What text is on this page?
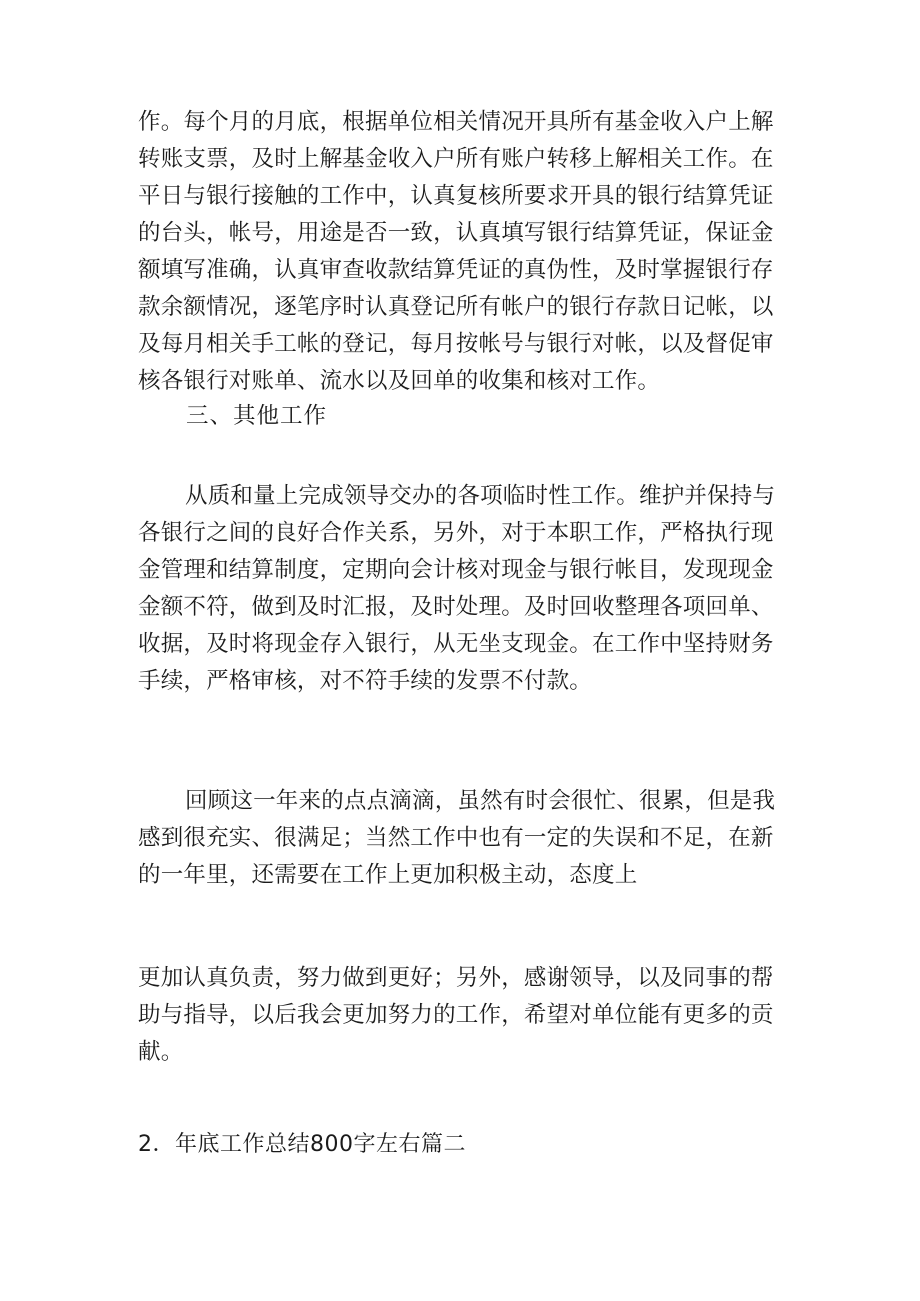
作。每个月的月底，根据单位相关情况开具所有基金收入户上解
转账支票，及时上解基金收入户所有账户转移上解相关工作。在
平日与银行接触的工作中，认真复核所要求开具的银行结算凭证
的台头，帐号，用途是否一致，认真填写银行结算凭证，保证金
额填写准确，认真审查收款结算凭证的真伪性，及时掌握银行存
款余额情况，逐笔序时认真登记所有帐户的银行存款日记帐，以
及每月相关手工帐的登记，每月按帐号与银行对帐，以及督促审
核各银行对账单、流水以及回单的收集和核对工作。
三、其他工作
从质和量上完成领导交办的各项临时性工作。维护并保持与
各银行之间的良好合作关系，另外，对于本职工作，严格执行现
金管理和结算制度，定期向会计核对现金与银行帐目，发现现金
金额不符，做到及时汇报，及时处理。及时回收整理各项回单、
收据，及时将现金存入银行，从无坐支现金。在工作中坚持财务
手续，严格审核，对不符手续的发票不付款。
回顾这一年来的点点滴滴，虽然有时会很忙、很累，但是我
感到很充实、很满足；当然工作中也有一定的失误和不足，在新
的一年里，还需要在工作上更加积极主动，态度上
更加认真负责，努力做到更好；另外，感谢领导，以及同事的帮
助与指导，以后我会更加努力的工作，希望对单位能有更多的贡
献。
2．年底工作总结800字左右篇二
